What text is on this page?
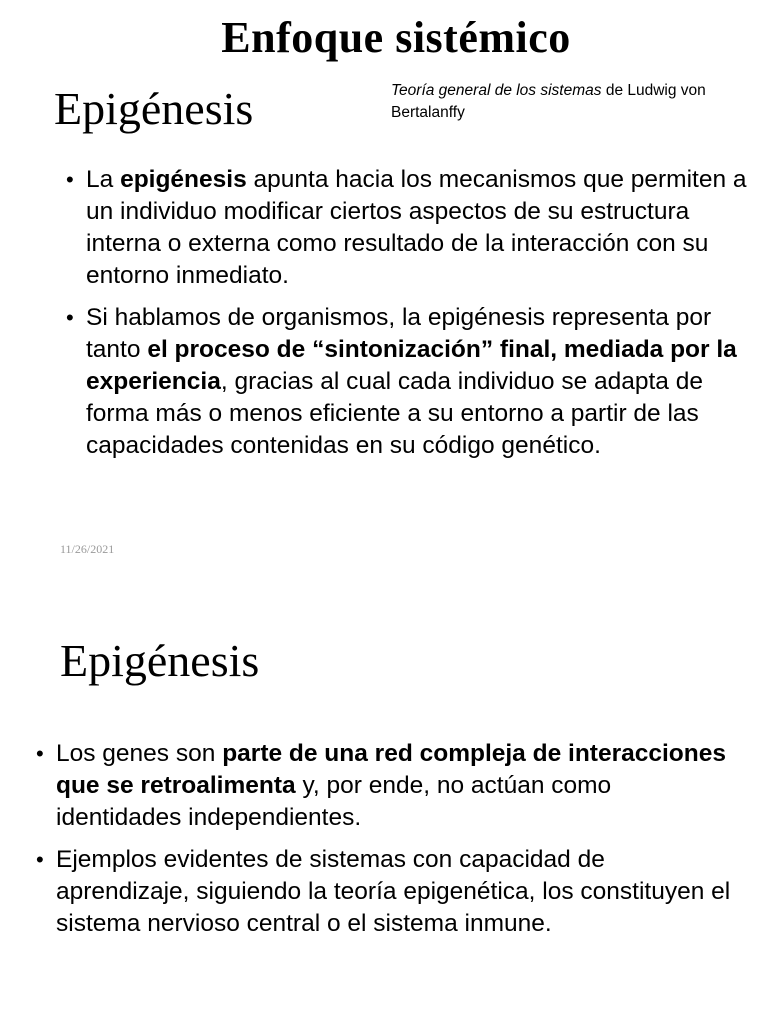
Enfoque sistémico
Epigénesis	Teoría general de los sistemas de Ludwig von Bertalanffy
• La epigénesis apunta hacia los mecanismos que permiten a un individuo modificar ciertos aspectos de su estructura interna o externa como resultado de la interacción con su entorno inmediato.
• Si hablamos de organismos, la epigénesis representa por tanto el proceso de “sintonización” final, mediada por la experiencia, gracias al cual cada individuo se adapta de forma más o menos eficiente a su entorno a partir de las capacidades contenidas en su código genético.
11/26/2021
Epigénesis
• Los genes son parte de una red compleja de interacciones que se retroalimenta y, por ende, no actúan como identidades independientes.
• Ejemplos evidentes de sistemas con capacidad de aprendizaje, siguiendo la teoría epigenética, los constituyen el sistema nervioso central o el sistema inmune.
